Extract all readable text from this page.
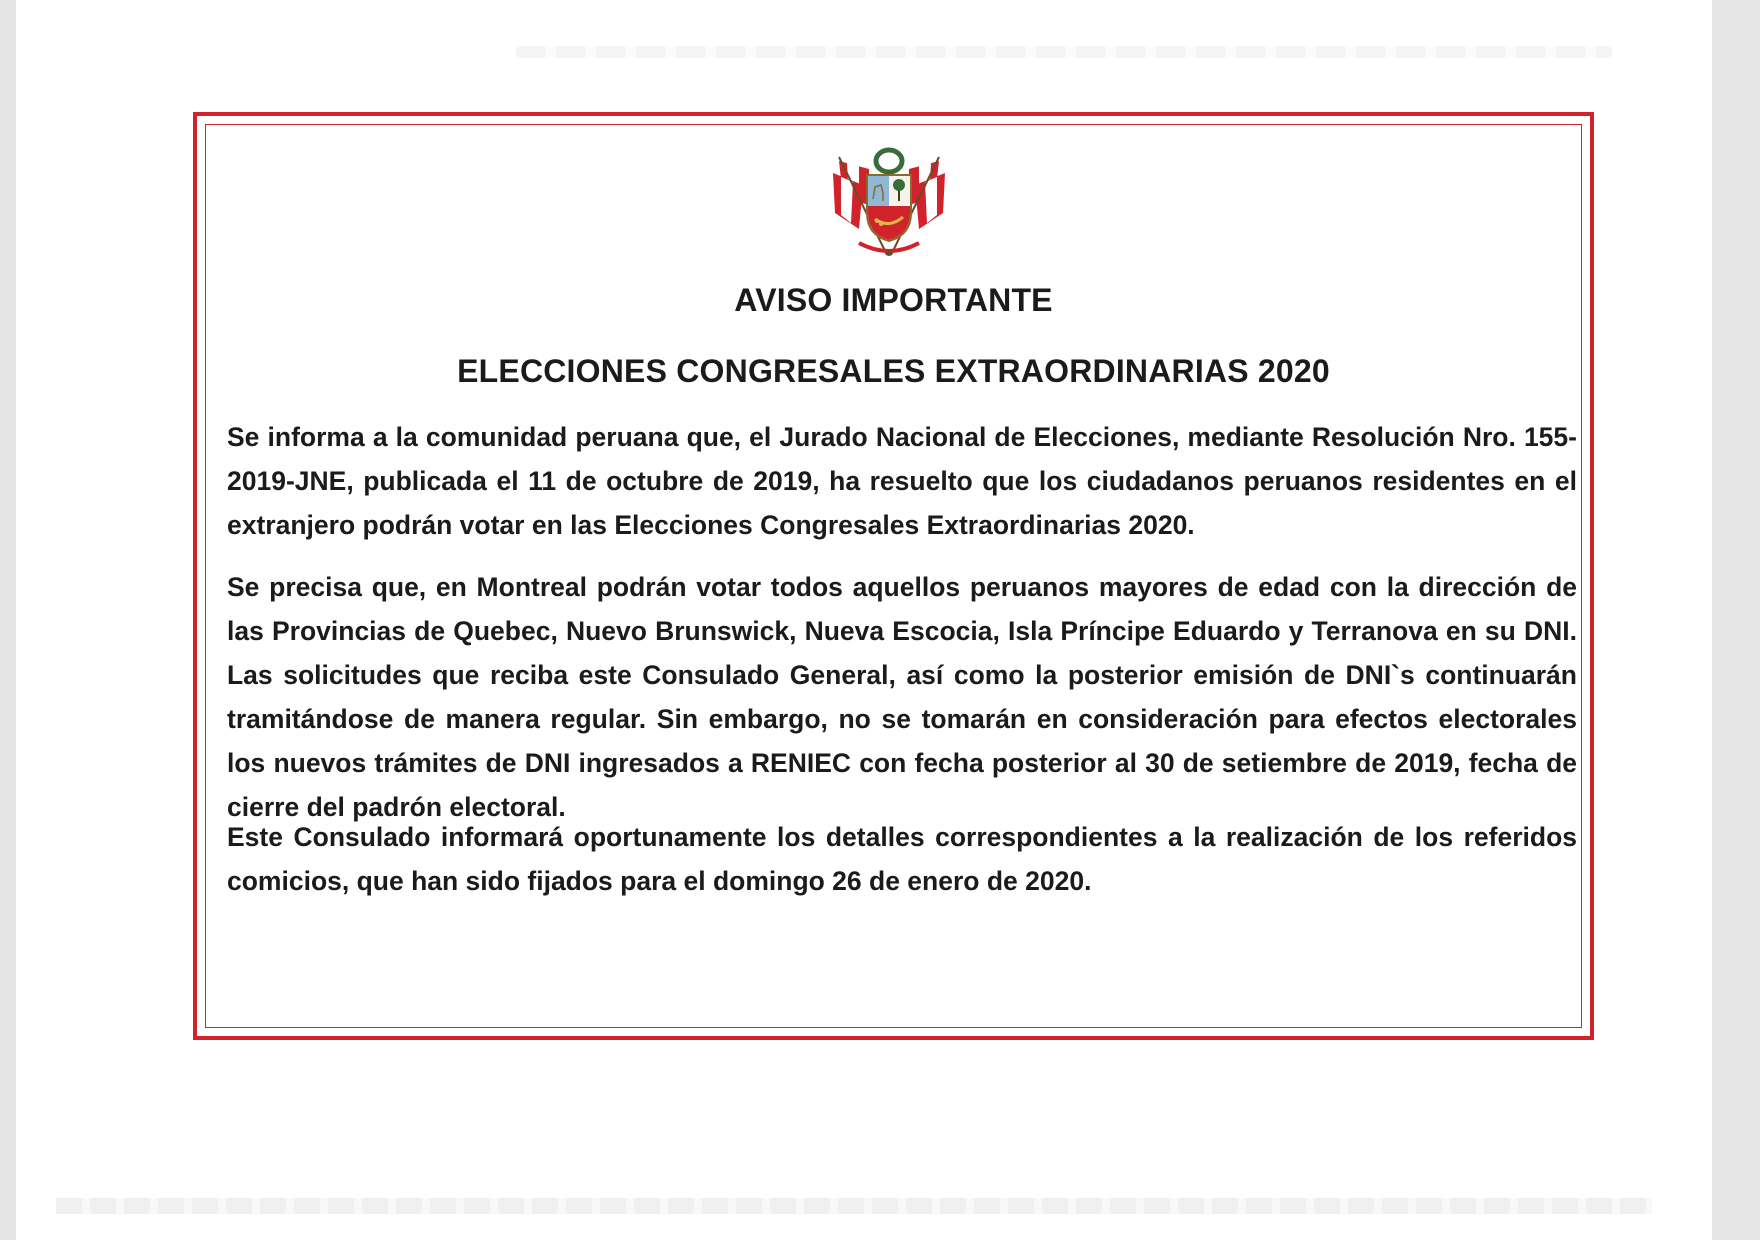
AVISO IMPORTANTE
ELECCIONES CONGRESALES EXTRAORDINARIAS 2020

Se informa a la comunidad peruana que, el Jurado Nacional de Elecciones, mediante Resolución Nro. 155-2019-JNE, publicada el 11 de octubre de 2019, ha resuelto que los ciudadanos peruanos residentes en el extranjero podrán votar en las Elecciones Congresales Extraordinarias 2020.

Se precisa que, en Montreal podrán votar todos aquellos peruanos mayores de edad con la dirección de las Provincias de Quebec, Nuevo Brunswick, Nueva Escocia, Isla Príncipe Eduardo y Terranova en su DNI. Las solicitudes que reciba este Consulado General, así como la posterior emisión de DNI`s continuarán tramitándose de manera regular. Sin embargo, no se tomarán en consideración para efectos electorales los nuevos trámites de DNI ingresados a RENIEC con fecha posterior al 30 de setiembre de 2019, fecha de cierre del padrón electoral.

Este Consulado informará oportunamente los detalles correspondientes a la realización de los referidos comicios, que han sido fijados para el domingo 26 de enero de 2020.
